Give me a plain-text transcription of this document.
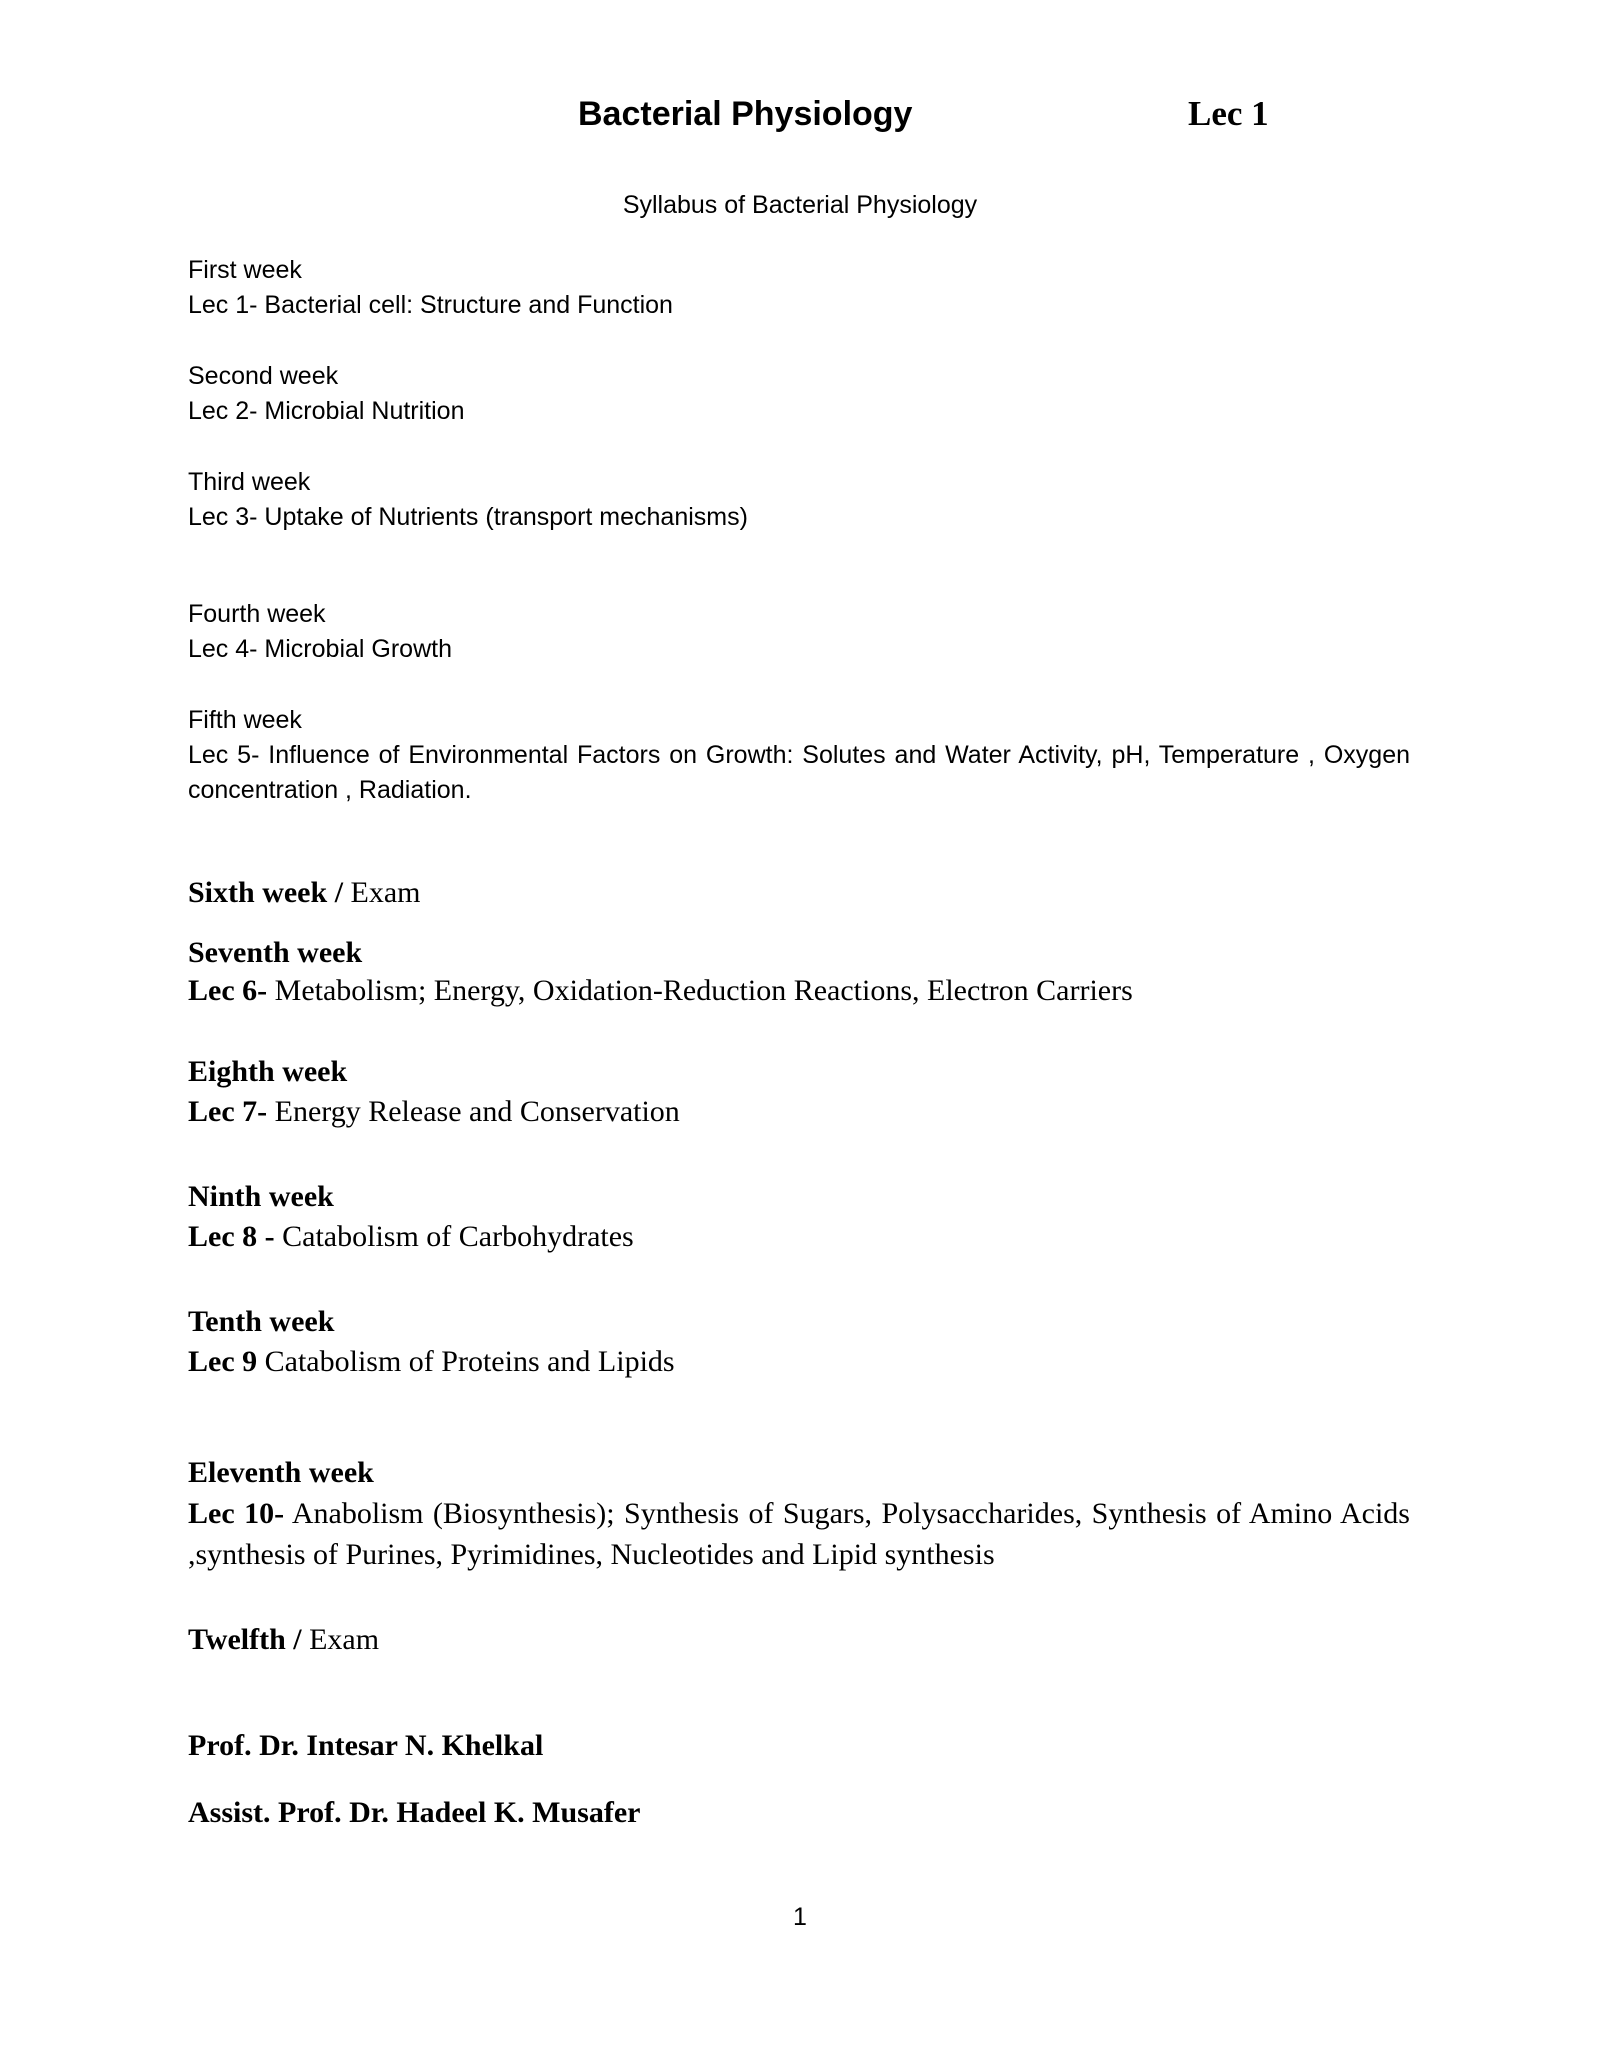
Bacterial Physiology	Lec 1
Syllabus of Bacterial Physiology
First week
Lec 1- Bacterial cell: Structure and Function
Second week
Lec 2- Microbial Nutrition
Third week
Lec 3- Uptake of Nutrients (transport mechanisms)
Fourth week
Lec 4- Microbial Growth
Fifth week
Lec 5- Influence of Environmental Factors on Growth: Solutes and Water Activity, pH, Temperature , Oxygen concentration , Radiation.
Sixth week / Exam
Seventh week
Lec 6- Metabolism; Energy, Oxidation-Reduction Reactions, Electron Carriers
Eighth week
Lec 7- Energy Release and Conservation
Ninth week
Lec 8 - Catabolism of Carbohydrates
Tenth week
Lec 9 Catabolism of Proteins and Lipids
Eleventh week
Lec 10- Anabolism (Biosynthesis); Synthesis of Sugars, Polysaccharides, Synthesis of Amino Acids ,synthesis of Purines, Pyrimidines, Nucleotides and Lipid synthesis
Twelfth / Exam
Prof. Dr. Intesar N. Khelkal
Assist. Prof. Dr. Hadeel K. Musafer
1
